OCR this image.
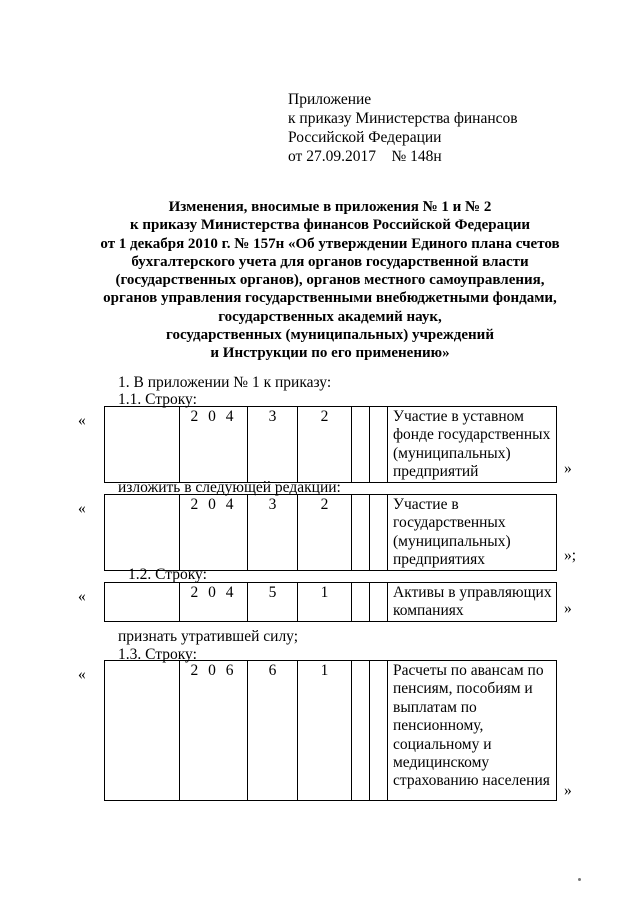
Приложение
к приказу Министерства финансов
Российской Федерации
от 27.09.2017    № 148н
Изменения, вносимые в приложения № 1 и № 2
к приказу Министерства финансов Российской Федерации
от 1 декабря 2010 г. № 157н «Об утверждении Единого плана счетов
бухгалтерского учета для органов государственной власти
(государственных органов), органов местного самоуправления,
органов управления государственными внебюджетными фондами,
государственных академий наук,
государственных (муниципальных) учреждений
и Инструкции по его применению»
1. В приложении № 1 к приказу:
1.1. Строку:
«
		2 0 4	3	2			Участие в уставном фонде государственных (муниципальных) предприятий	»
изложить в следующей редакции:
«
		2 0 4	3	2			Участие в государственных (муниципальных) предприятиях	»;
1.2. Строку:
«
		2 0 4	5	1			Активы в управляющих компаниях	»
признать утратившей силу;
1.3. Строку:
«
		2 0 6	6	1			Расчеты по авансам по пенсиям, пособиям и выплатам по пенсионному, социальному и медицинскому страхованию населения
»
